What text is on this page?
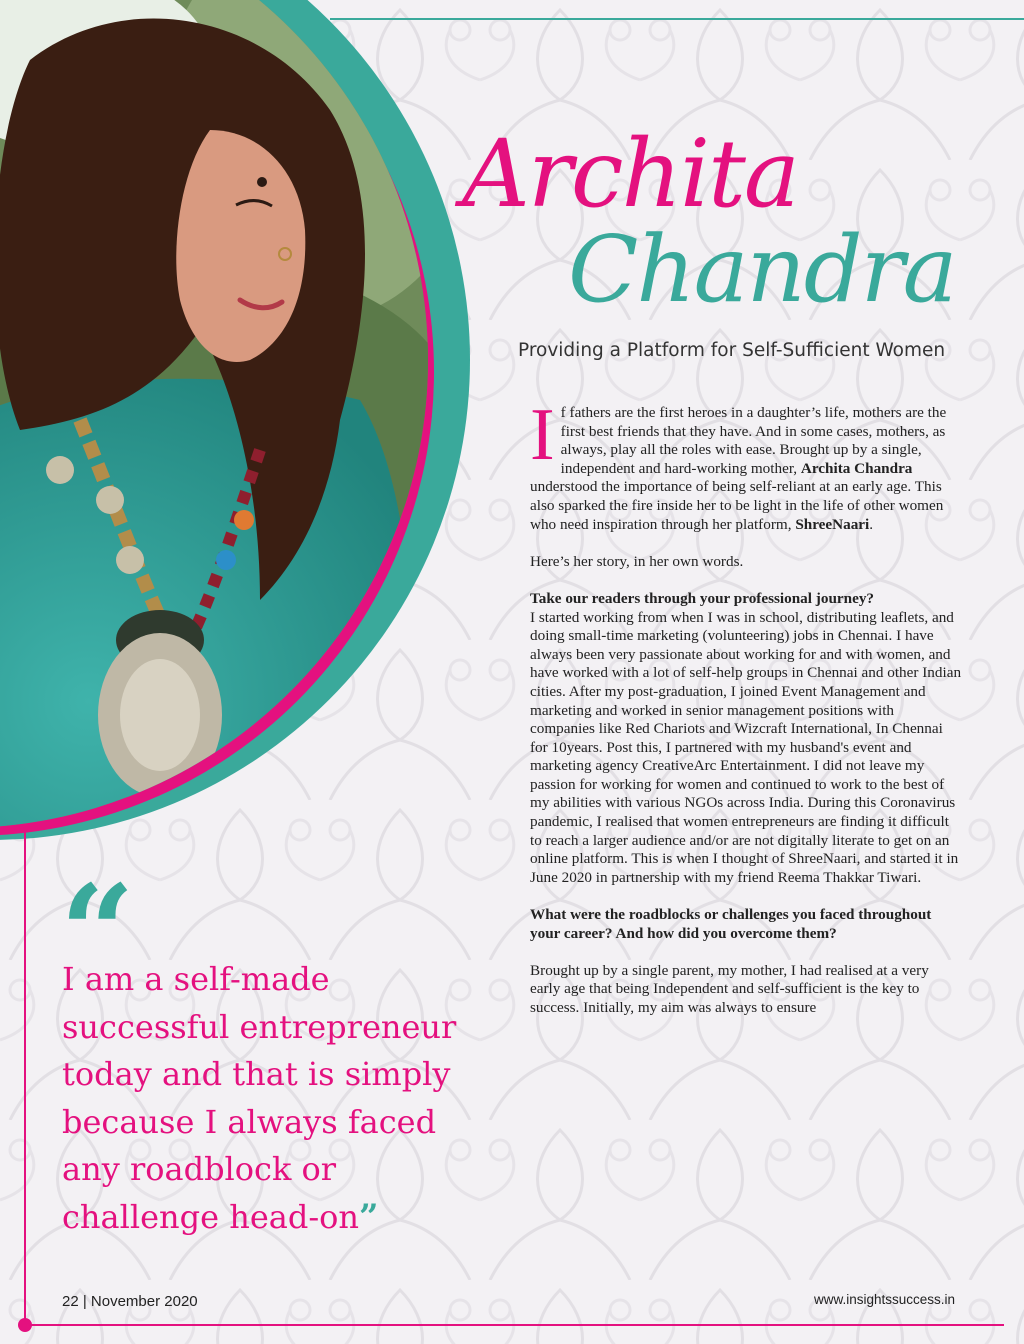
Archita
Chandra
Providing a Platform for Self-Sufficient Women

If fathers are the first heroes in a daughter’s life, mothers are the first best friends that they have. And in some cases, mothers, as always, play all the roles with ease. Brought up by a single, independent and hard-working mother, Archita Chandra understood the importance of being self-reliant at an early age. This also sparked the fire inside her to be light in the life of other women who need inspiration through her platform, ShreeNaari.

Here’s her story, in her own words.

Take our readers through your professional journey?

I started working from when I was in school, distributing leaflets, and doing small-time marketing (volunteering) jobs in Chennai. I have always been very passionate about working for and with women, and have worked with a lot of self-help groups in Chennai and other Indian cities. After my post-graduation, I joined Event Management and marketing and worked in senior management positions with companies like Red Chariots and Wizcraft International, In Chennai for 10years. Post this, I partnered with my husband's event and marketing agency CreativeArc Entertainment. I did not leave my passion for working for women and continued to work to the best of my abilities with various NGOs across India. During this Coronavirus pandemic, I realised that women entrepreneurs are finding it difficult to reach a larger audience and/or are not digitally literate to get on an online platform. This is when I thought of ShreeNaari, and started it in June 2020 in partnership with my friend Reema Thakkar Tiwari.

What were the roadblocks or challenges you faced throughout your career? And how did you overcome them?

Brought up by a single parent, my mother, I had realised at a very early age that being Independent and self-sufficient is the key to success. Initially, my aim was always to ensure

“
I am a self-made successful entrepreneur today and that is simply because I always faced any roadblock or challenge head-on”
22 | November 2020	www.insightssuccess.in
